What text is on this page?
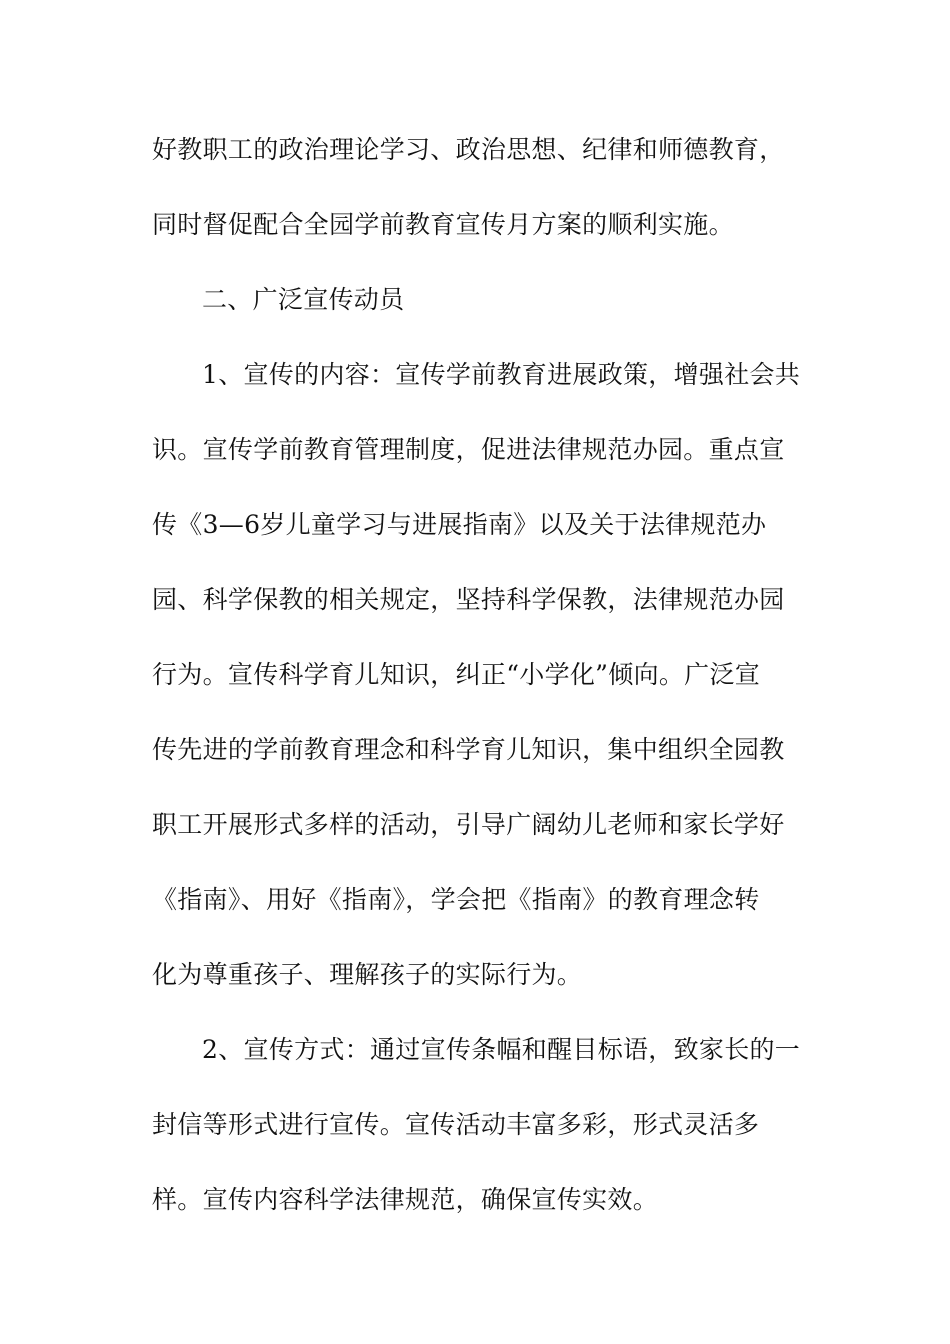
好教职工的政治理论学习、政治思想、纪律和师德教育，
同时督促配合全园学前教育宣传月方案的顺利实施。
二、广泛宣传动员
1、宣传的内容：宣传学前教育进展政策，增强社会共
识。宣传学前教育管理制度，促进法律规范办园。重点宣
传《3—6岁儿童学习与进展指南》以及关于法律规范办
园、科学保教的相关规定，坚持科学保教，法律规范办园
行为。宣传科学育儿知识，纠正“小学化”倾向。广泛宣
传先进的学前教育理念和科学育儿知识，集中组织全园教
职工开展形式多样的活动，引导广阔幼儿老师和家长学好
《指南》、用好《指南》，学会把《指南》的教育理念转
化为尊重孩子、理解孩子的实际行为。
2、宣传方式：通过宣传条幅和醒目标语，致家长的一
封信等形式进行宣传。宣传活动丰富多彩，形式灵活多
样。宣传内容科学法律规范，确保宣传实效。
